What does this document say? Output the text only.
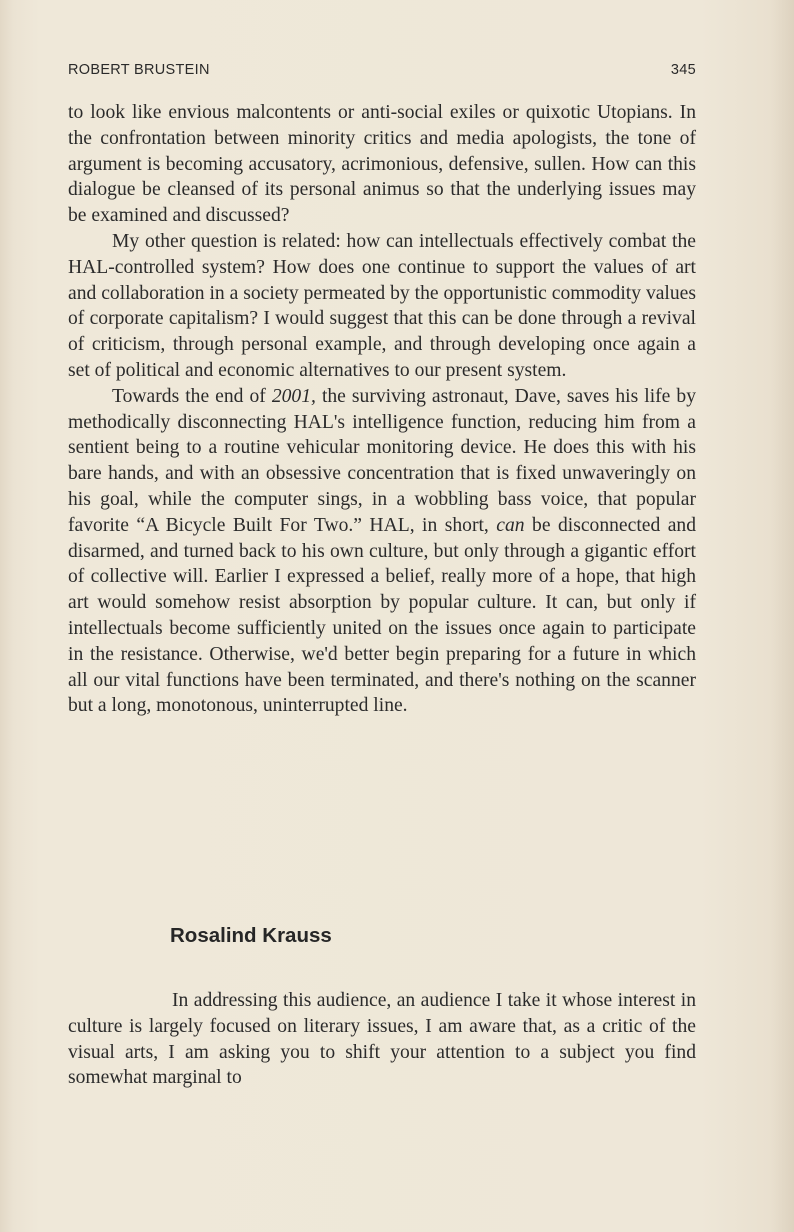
ROBERT BRUSTEIN	345

to look like envious malcontents or anti-social exiles or quixotic Utopians. In the confrontation between minority critics and media apologists, the tone of argument is becoming accusatory, acrimonious, defensive, sullen. How can this dialogue be cleansed of its personal animus so that the underlying issues may be examined and discussed?

My other question is related: how can intellectuals effectively combat the HAL-controlled system? How does one continue to support the values of art and collaboration in a society permeated by the opportunistic commodity values of corporate capitalism? I would suggest that this can be done through a revival of criticism, through personal example, and through developing once again a set of political and economic alternatives to our present system.

Towards the end of 2001, the surviving astronaut, Dave, saves his life by methodically disconnecting HAL's intelligence function, reducing him from a sentient being to a routine vehicular monitoring device. He does this with his bare hands, and with an obsessive concentration that is fixed unwaveringly on his goal, while the computer sings, in a wobbling bass voice, that popular favorite “A Bicycle Built For Two.” HAL, in short, can be disconnected and disarmed, and turned back to his own culture, but only through a gigantic effort of collective will. Earlier I expressed a belief, really more of a hope, that high art would somehow resist absorption by popular culture. It can, but only if intellectuals become sufficiently united on the issues once again to participate in the resistance. Otherwise, we'd better begin preparing for a future in which all our vital functions have been terminated, and there's nothing on the scanner but a long, monotonous, uninterrupted line.

Rosalind Krauss

In addressing this audience, an audience I take it whose interest in culture is largely focused on literary issues, I am aware that, as a critic of the visual arts, I am asking you to shift your attention to a subject you find somewhat marginal to
